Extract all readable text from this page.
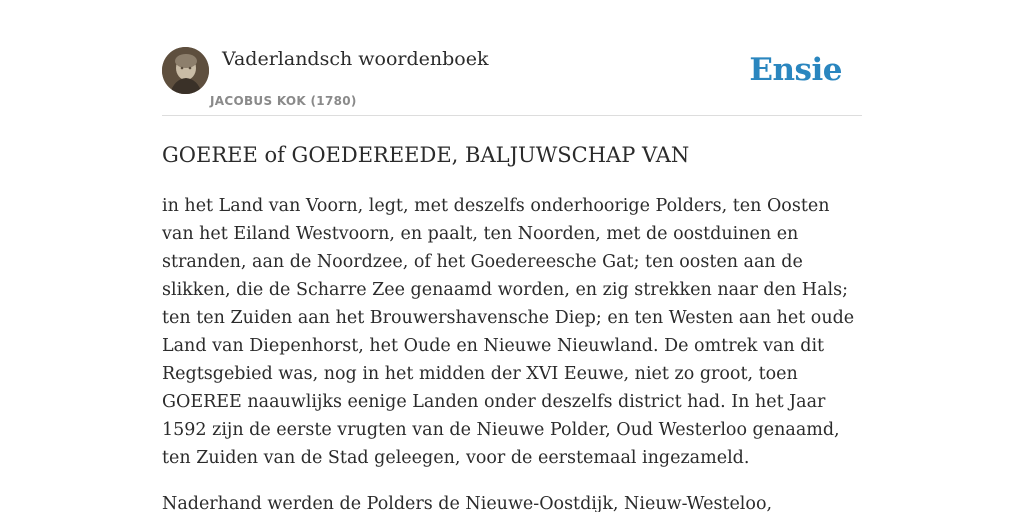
Vaderlandsch woordenboek
JACOBUS KOK (1780)
Ensie
GOEREE of GOEDEREEDE, BALJUWSCHAP VAN

in het Land van Voorn, legt, met deszelfs onderhoorige Polders, ten Oosten van het Eiland Westvoorn, en paalt, ten Noorden, met de oostduinen en stranden, aan de Noordzee, of het Goedereesche Gat; ten oosten aan de slikken, die de Scharre Zee genaamd worden, en zig strekken naar den Hals; ten ten Zuiden aan het Brouwershavensche Diep; en ten Westen aan het oude Land van Diepenhorst, het Oude en Nieuwe Nieuwland. De omtrek van dit Regtsgebied was, nog in het midden der XVI Eeuwe, niet zo groot, toen GOEREE naauwlijks eenige Landen onder deszelfs district had. In het Jaar 1592 zijn de eerste vrugten van de Nieuwe Polder, Oud Westerloo genaamd, ten Zuiden van de Stad geleegen, voor de eerstemaal ingezameld.

Naderhand werden de Polders de Nieuwe-Oostdijk, Nieuw-Westeloo,
